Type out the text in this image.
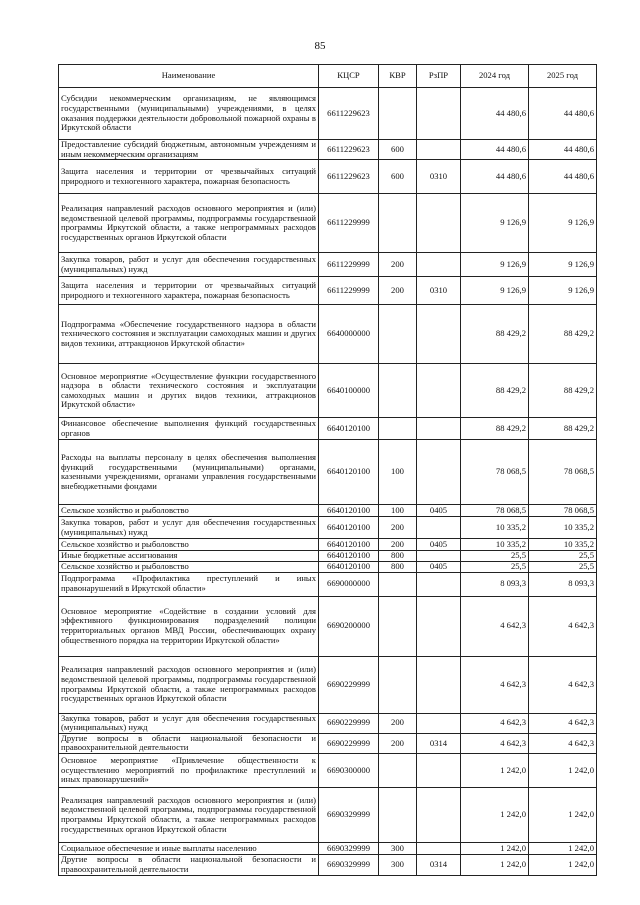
85
Наименование	КЦСР	КВР	РзПР	2024 год	2025 год
Субсидии некоммерческим организациям, не являющимся государственными (муниципальными) учреждениями, в целях оказания поддержки деятельности добровольной пожарной охраны в Иркутской области	6611229623			44 480,6	44 480,6
Предоставление субсидий бюджетным, автономным учреждениям и иным некоммерческим организациям	6611229623	600		44 480,6	44 480,6
Защита населения и территории от чрезвычайных ситуаций природного и техногенного характера, пожарная безопасность	6611229623	600	0310	44 480,6	44 480,6
Реализация направлений расходов основного мероприятия и (или) ведомственной целевой программы, подпрограммы государственной программы Иркутской области, а также непрограммных расходов государственных органов Иркутской области	6611229999			9 126,9	9 126,9
Закупка товаров, работ и услуг для обеспечения государственных (муниципальных) нужд	6611229999	200		9 126,9	9 126,9
Защита населения и территории от чрезвычайных ситуаций природного и техногенного характера, пожарная безопасность	6611229999	200	0310	9 126,9	9 126,9
Подпрограмма «Обеспечение государственного надзора в области технического состояния и эксплуатации самоходных машин и других видов техники, аттракционов Иркутской области»	6640000000			88 429,2	88 429,2
Основное мероприятие «Осуществление функции государственного надзора в области технического состояния и эксплуатации самоходных машин и других видов техники, аттракционов Иркутской области»	6640100000			88 429,2	88 429,2
Финансовое обеспечение выполнения функций государственных органов	6640120100			88 429,2	88 429,2
Расходы на выплаты персоналу в целях обеспечения выполнения функций государственными (муниципальными) органами, казенными учреждениями, органами управления государственными внебюджетными фондами	6640120100	100		78 068,5	78 068,5
Сельское хозяйство и рыболовство	6640120100	100	0405	78 068,5	78 068,5
Закупка товаров, работ и услуг для обеспечения государственных (муниципальных) нужд	6640120100	200		10 335,2	10 335,2
Сельское хозяйство и рыболовство	6640120100	200	0405	10 335,2	10 335,2
Иные бюджетные ассигнования	6640120100	800		25,5	25,5
Сельское хозяйство и рыболовство	6640120100	800	0405	25,5	25,5
Подпрограмма «Профилактика преступлений и иных правонарушений в Иркутской области»	6690000000			8 093,3	8 093,3
Основное мероприятие «Содействие в создании условий для эффективного функционирования подразделений полиции территориальных органов МВД России, обеспечивающих охрану общественного порядка на территории Иркутской области»	6690200000			4 642,3	4 642,3
Реализация направлений расходов основного мероприятия и (или) ведомственной целевой программы, подпрограммы государственной программы Иркутской области, а также непрограммных расходов государственных органов Иркутской области	6690229999			4 642,3	4 642,3
Закупка товаров, работ и услуг для обеспечения государственных (муниципальных) нужд	6690229999	200		4 642,3	4 642,3
Другие вопросы в области национальной безопасности и правоохранительной деятельности	6690229999	200	0314	4 642,3	4 642,3
Основное мероприятие «Привлечение общественности к осуществлению мероприятий по профилактике преступлений и иных правонарушений»	6690300000			1 242,0	1 242,0
Реализация направлений расходов основного мероприятия и (или) ведомственной целевой программы, подпрограммы государственной программы Иркутской области, а также непрограммных расходов государственных органов Иркутской области	6690329999			1 242,0	1 242,0
Социальное обеспечение и иные выплаты населению	6690329999	300		1 242,0	1 242,0
Другие вопросы в области национальной безопасности и правоохранительной деятельности	6690329999	300	0314	1 242,0	1 242,0
